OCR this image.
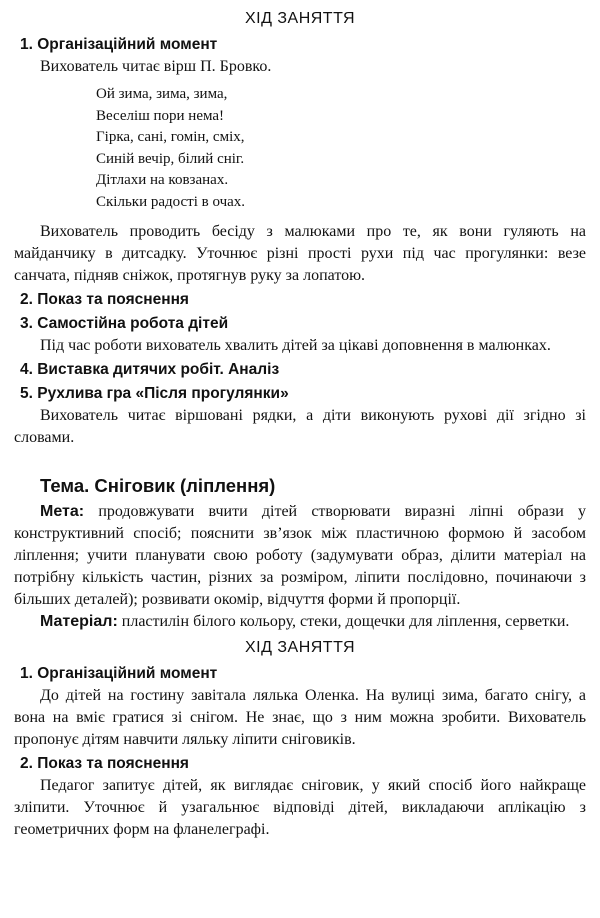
ХІД ЗАНЯТТЯ
1. Організаційний момент

Вихователь читає вірш П. Бровко.

Ой зима, зима, зима,
Веселіш пори нема!
Гірка, сані, гомін, сміх,
Синій вечір, білий сніг.
Дітлахи на ковзанах.
Скільки радості в очах.

Вихователь проводить бесіду з малюками про те, як вони гуляють на майданчику в дитсадку. Уточнює різні прості рухи під час прогулянки: везе санчата, підняв сніжок, протягнув руку за лопатою.

2. Показ та пояснення
3. Самостійна робота дітей

Під час роботи вихователь хвалить дітей за цікаві доповнення в малюнках.

4. Виставка дитячих робіт. Аналіз
5. Рухлива гра «Після прогулянки»

Вихователь читає віршовані рядки, а діти виконують рухові дії згідно зі словами.

Тема. Сніговик (ліплення)

Мета: продовжувати вчити дітей створювати виразні ліпні образи у конструктивний спосіб; пояснити зв’язок між пластичною формою й засобом ліплення; учити планувати свою роботу (задумувати образ, ділити матеріал на потрібну кількість частин, різних за розміром, ліпити послідовно, починаючи з більших деталей); розвивати окомір, відчуття форми й пропорції.

Матеріал: пластилін білого кольору, стеки, дощечки для ліплення, серветки.

ХІД ЗАНЯТТЯ
1. Організаційний момент

До дітей на гостину завітала лялька Оленка. На вулиці зима, багато снігу, а вона на вміє гратися зі снігом. Не знає, що з ним можна зробити. Вихователь пропонує дітям навчити ляльку ліпити сніговиків.

2. Показ та пояснення

Педагог запитує дітей, як виглядає сніговик, у який спосіб його найкраще зліпити. Уточнює й узагальнює відповіді дітей, викладаючи аплікацію з геометричних форм на фланелеграфі.
